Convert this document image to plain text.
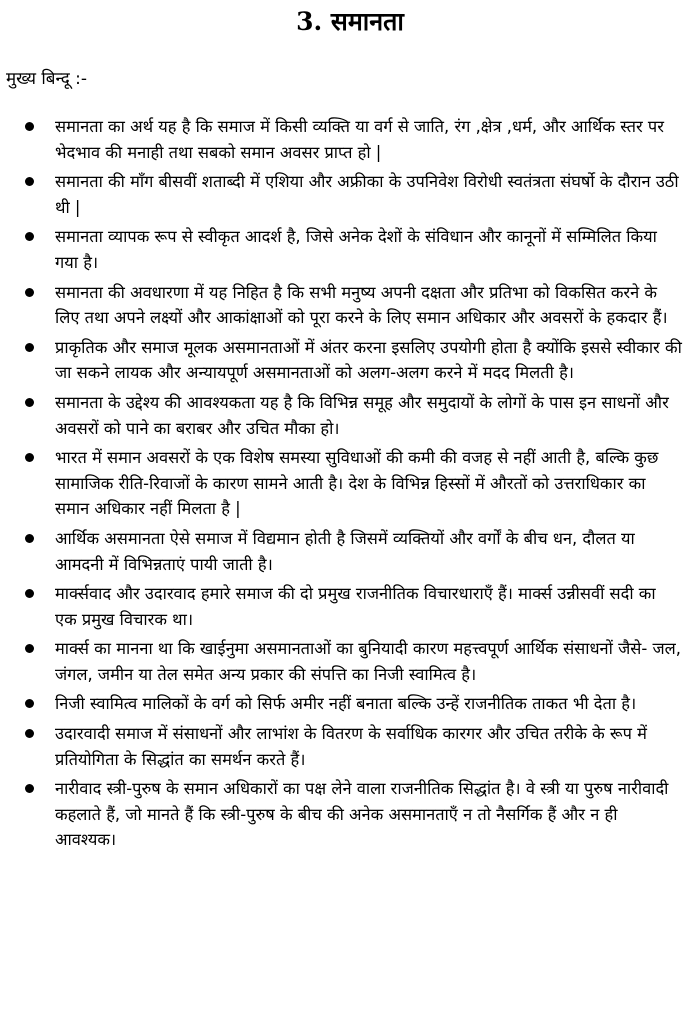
3. समानता
मुख्य बिन्दू :-
समानता का अर्थ यह है कि समाज में किसी व्यक्ति या वर्ग से जाति, रंग ,क्षेत्र ,धर्म, और आर्थिक स्तर पर भेदभाव की मनाही तथा सबको समान अवसर प्राप्त हो |
समानता की माँग बीसवीं शताब्दी में एशिया और अफ्रीका के उपनिवेश विरोधी स्वतंत्रता संघर्षो के दौरान उठी थी |
समानता व्यापक रूप से स्वीकृत आदर्श है, जिसे अनेक देशों के संविधान और कानूनों में सम्मिलित किया गया है।
समानता की अवधारणा में यह निहित है कि सभी मनुष्य अपनी दक्षता और प्रतिभा को विकसित करने के लिए तथा अपने लक्ष्यों और आकांक्षाओं को पूरा करने के लिए समान अधिकार और अवसरों के हकदार हैं।
प्राकृतिक और समाज मूलक असमानताओं में अंतर करना इसलिए उपयोगी होता है क्योंकि इससे स्वीकार की जा सकने लायक और अन्यायपूर्ण असमानताओं को अलग-अलग करने में मदद मिलती है।
समानता के उद्देश्य की आवश्यकता यह है कि विभिन्न समूह और समुदायों के लोगों के पास इन साधनों और अवसरों को पाने का बराबर और उचित मौका हो।
भारत में समान अवसरों के एक विशेष समस्या सुविधाओं की कमी की वजह से नहीं आती है, बल्कि कुछ सामाजिक रीति-रिवाजों के कारण सामने आती है। देश के विभिन्न हिस्सों में औरतों को उत्तराधिकार का समान अधिकार नहीं मिलता है |
आर्थिक असमानता ऐसे समाज में विद्यमान होती है जिसमें व्यक्तियों और वर्गों के बीच धन, दौलत या आमदनी में विभिन्नताएं पायी जाती है।
मार्क्सवाद और उदारवाद हमारे समाज की दो प्रमुख राजनीतिक विचारधाराएँ हैं। मार्क्स उन्नीसवीं सदी का एक प्रमुख विचारक था।
मार्क्स का मानना था कि खाईनुमा असमानताओं का बुनियादी कारण महत्त्वपूर्ण आर्थिक संसाधनों जैसे- जल, जंगल, जमीन या तेल समेत अन्य प्रकार की संपत्ति का निजी स्वामित्व है।
निजी स्वामित्व मालिकों के वर्ग को सिर्फ अमीर नहीं बनाता बल्कि उन्हें राजनीतिक ताकत भी देता है।
उदारवादी समाज में संसाधनों और लाभांश के वितरण के सर्वाधिक कारगर और उचित तरीके के रूप में प्रतियोगिता के सिद्धांत का समर्थन करते हैं।
नारीवाद स्त्री-पुरुष के समान अधिकारों का पक्ष लेने वाला राजनीतिक सिद्धांत है। वे स्त्री या पुरुष नारीवादी कहलाते हैं, जो मानते हैं कि स्त्री-पुरुष के बीच की अनेक असमानताएँ न तो नैसर्गिक हैं और न ही आवश्यक।
